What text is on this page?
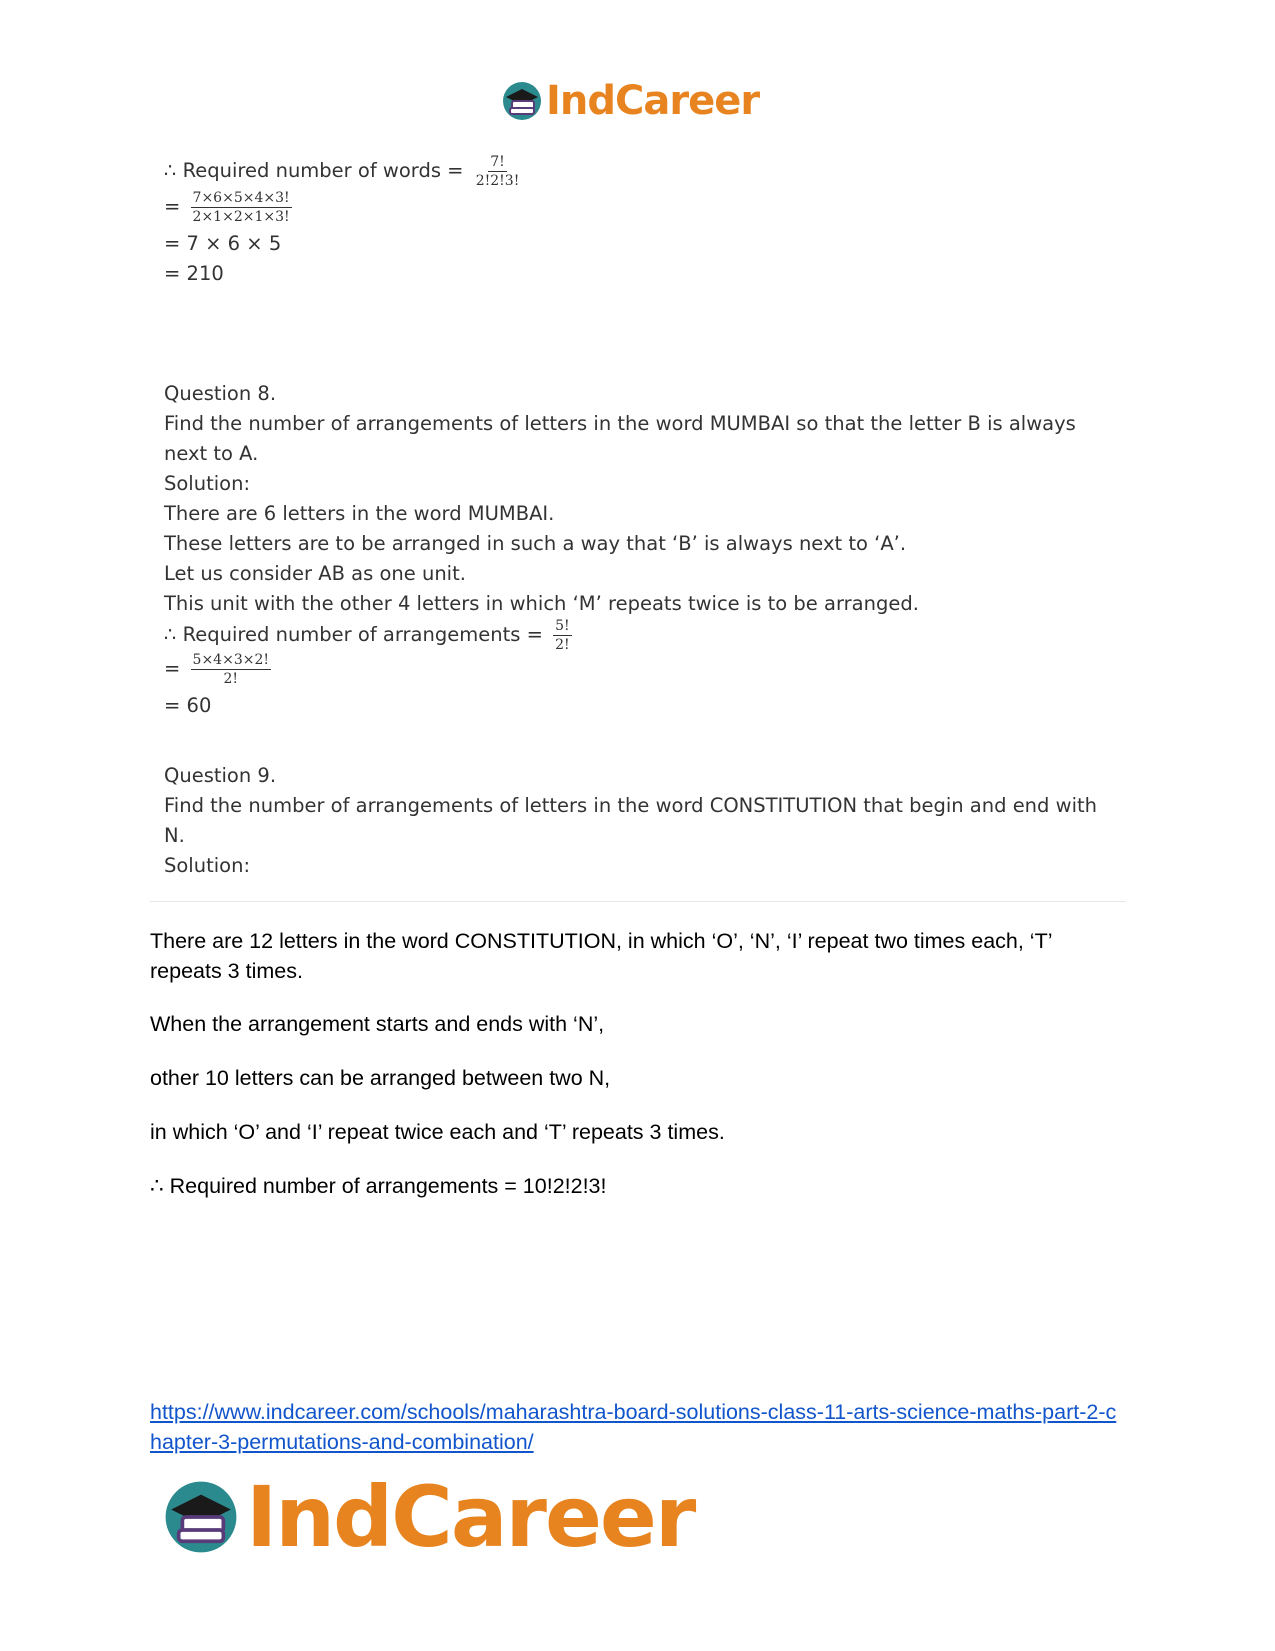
IndCareer
∴ Required number of words = $\frac{7!}{2!2!3!}$
= $\frac{7\times 6\times 5\times 4\times 3!}{2\times 1\times 2\times 1\times 3!}$
= 7 × 6 × 5
= 210
Question 8.
Find the number of arrangements of letters in the word MUMBAI so that the letter B is always
next to A.
Solution:
There are 6 letters in the word MUMBAI.
These letters are to be arranged in such a way that ‘B’ is always next to ‘A’.
Let us consider AB as one unit.
This unit with the other 4 letters in which ‘M’ repeats twice is to be arranged.
∴ Required number of arrangements = $\frac{5!}{2!}$
= $\frac{5\times 4\times 3\times 2!}{2!}$
= 60
Question 9.
Find the number of arrangements of letters in the word CONSTITUTION that begin and end with
N.
Solution:
There are 12 letters in the word CONSTITUTION, in which ‘O’, ‘N’, ‘I’ repeat two times each, ‘T’ repeats 3 times.
When the arrangement starts and ends with ‘N’,
other 10 letters can be arranged between two N,
in which ‘O’ and ‘I’ repeat twice each and ‘T’ repeats 3 times.
∴ Required number of arrangements = 10!2!2!3!
https://www.indcareer.com/schools/maharashtra-board-solutions-class-11-arts-science-maths-part-2-chapter-3-permutations-and-combination/
IndCareer
